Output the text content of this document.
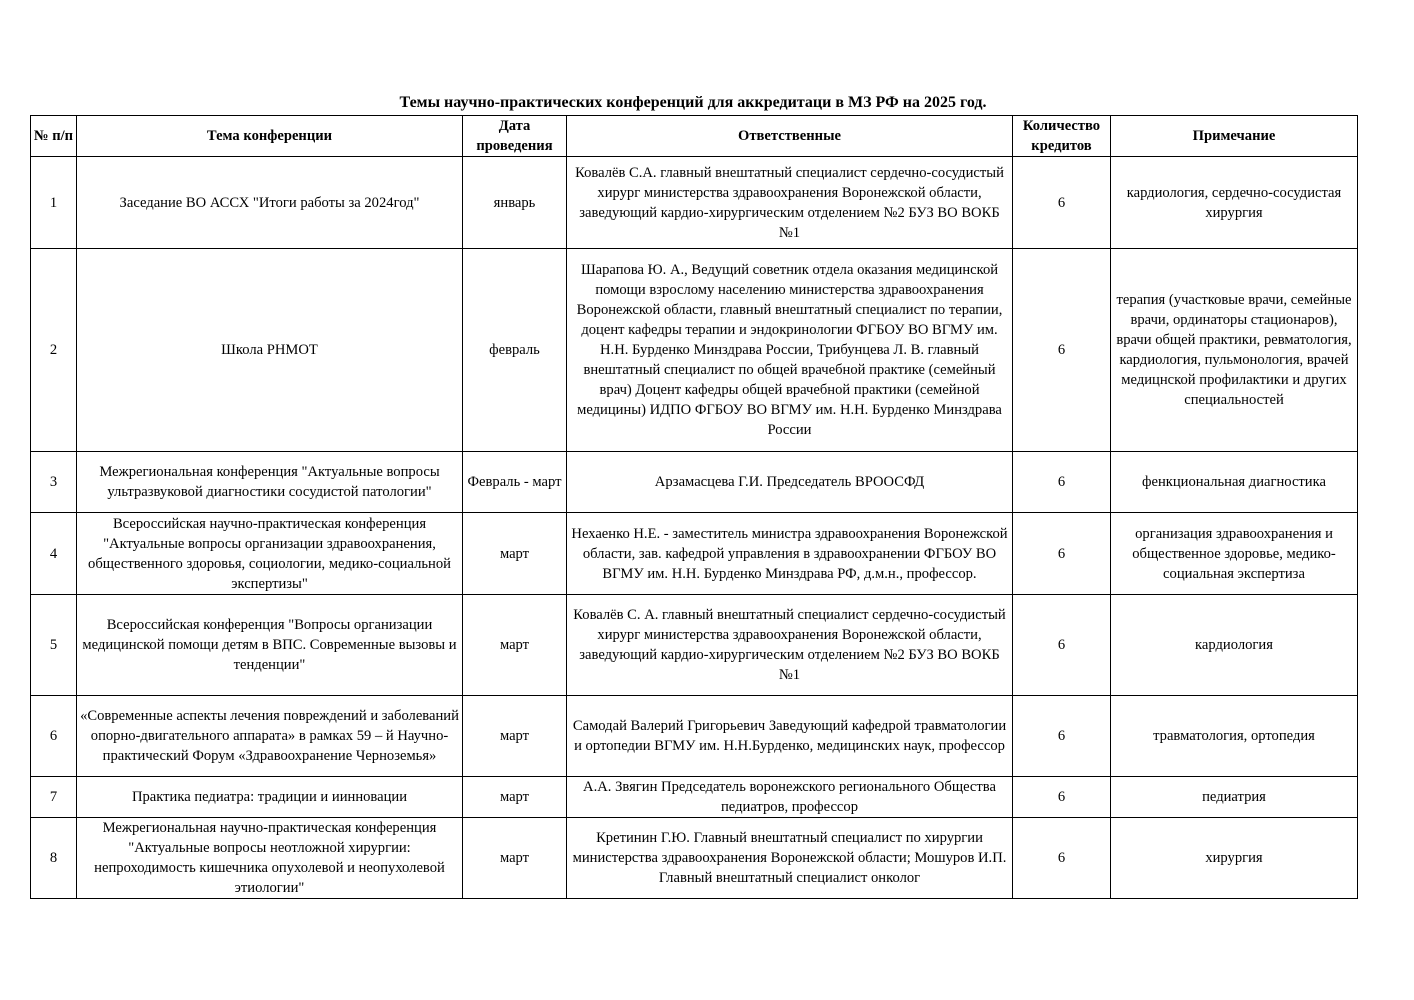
Темы научно-практических конференций для аккредитаци в МЗ РФ на 2025 год.
№ п/п	Тема конференции	Дата проведения	Ответственные	Количество кредитов	Примечание
1	Заседание ВО АССХ "Итоги работы за 2024год"	январь	Ковалёв С.А. главный внештатный специалист сердечно-сосудистый хирург министерства здравоохранения Воронежской области, заведующий кардио-хирургическим отделением №2 БУЗ ВО ВОКБ №1	6	кардиология, сердечно-сосудистая хирургия
2	Школа РНМОТ	февраль	Шарапова Ю. А., Ведущий советник отдела оказания медицинской помощи взрослому населению министерства здравоохранения Воронежской области, главный внештатный специалист по терапии, доцент кафедры терапии и эндокринологии ФГБОУ ВО ВГМУ им. Н.Н. Бурденко Минздрава России, Трибунцева Л. В. главный внештатный специалист по общей врачебной практике (семейный врач) Доцент кафедры общей врачебной практики (семейной медицины) ИДПО ФГБОУ ВО ВГМУ им. Н.Н. Бурденко Минздрава России	6	терапия (участковые врачи, семейные врачи, ординаторы стационаров), врачи общей практики, ревматология, кардиология, пульмонология, врачей медицнской профилактики и других специальностей
3	Межрегиональная конференция "Актуальные вопросы ультразвуковой диагностики сосудистой патологии"	Февраль - март	Арзамасцева Г.И. Председатель ВРООСФД	6	фенкциональная диагностика
4	Всероссийская научно-практическая конференция "Актуальные вопросы организации здравоохранения, общественного здоровья, социологии, медико-социальной экспертизы"	март	Нехаенко Н.Е. - заместитель министра здравоохранения Воронежской области, зав. кафедрой управления в здравоохранении ФГБОУ ВО ВГМУ им. Н.Н. Бурденко Минздрава РФ, д.м.н., профессор.	6	организация здравоохранения и общественное здоровье, медико-социальная экспертиза
5	Всероссийская конференция "Вопросы организации медицинской помощи детям в ВПС. Современные вызовы и тенденции"	март	Ковалёв С. А. главный внештатный специалист сердечно-сосудистый хирург министерства здравоохранения Воронежской области, заведующий кардио-хирургическим отделением №2 БУЗ ВО ВОКБ №1	6	кардиология
6	«Современные аспекты лечения повреждений и заболеваний опорно-двигательного аппарата» в рамках 59 – й Научно-практический Форум «Здравоохранение Черноземья»	март	Самодай Валерий Григорьевич Заведующий кафедрой травматологии и ортопедии ВГМУ им. Н.Н.Бурденко, медицинских наук, профессор	6	травматология, ортопедия
7	Практика педиатра: традиции и иинновации	март	А.А. Звягин Председатель воронежского регионального Общества педиатров, профессор	6	педиатрия
8	Межрегиональная научно-практическая конференция "Актуальные вопросы неотложной хирургии: непроходимость кишечника опухолевой и неопухолевой этиологии"	март	Кретинин Г.Ю. Главный внештатный специалист по хирургии министерства здравоохранения Воронежской области; Мошуров И.П. Главный внештатный специалист онколог	6	хирургия
